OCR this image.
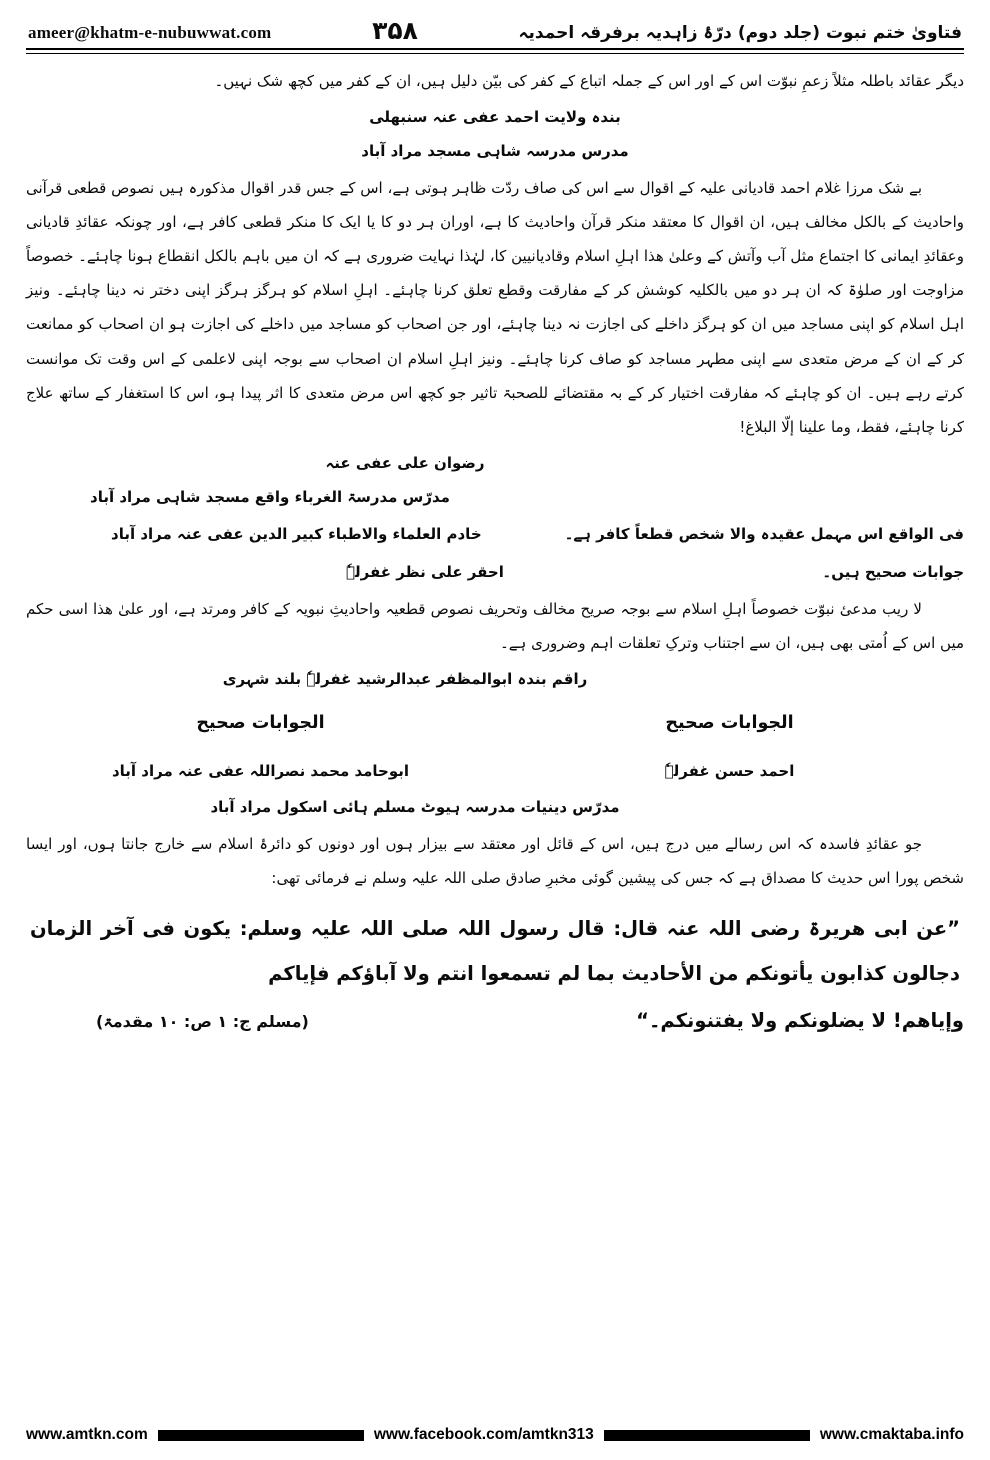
ameer@khatm-e-nubuwwat.com	۳۵۸	فتاویٰ ختم نبوت (جلد دوم) درّۂ زاہدیہ برفرقہ احمدیہ

دیگر عقائد باطلہ مثلاً زعمِ نبوّت اس کے اور اس کے جملہ اتباع کے کفر کی بیّن دلیل ہیں، ان کے کفر میں کچھ شک نہیں۔

بندہ ولایت احمد عفی عنہ سنبھلی
مدرس مدرسہ شاہی مسجد مراد آباد

بے شک مرزا غلام احمد قادیانی علیہ کے اقوال سے اس کی صاف ردّت ظاہر ہوتی ہے، اس کے جس قدر اقوال مذکورہ ہیں نصوص قطعی قرآنی واحادیث کے بالکل مخالف ہیں، ان اقوال کا معتقد منکر قرآن واحادیث کا ہے، اوران ہر دو کا یا ایک کا منکر قطعی کافر ہے، اور چونکہ عقائدِ قادیانی وعقائدِ ایمانی کا اجتماع مثل آب وآتش کے وعلیٰ ھذا اہلِ اسلام وقادیانیین کا، لہٰذا نہایت ضروری ہے کہ ان میں باہم بالکل انقطاع ہونا چاہئے۔ خصوصاً مزاوجت اور صلوٰۃ کہ ان ہر دو میں بالکلیہ کوشش کر کے مفارقت وقطع تعلق کرنا چاہئے۔ اہلِ اسلام کو ہرگز ہرگز اپنی دختر نہ دینا چاہئے۔ ونیز اہل اسلام کو اپنی مساجد میں ان کو ہرگز داخلے کی اجازت نہ دینا چاہئے، اور جن اصحاب کو مساجد میں داخلے کی اجازت ہو ان اصحاب کو ممانعت کر کے ان کے مرض متعدی سے اپنی مطہر مساجد کو صاف کرنا چاہئے۔ ونیز اہلِ اسلام ان اصحاب سے بوجہ اپنی لاعلمی کے اس وقت تک موانست کرتے رہے ہیں۔ ان کو چاہئے کہ مفارقت اختیار کر کے بہ مقتضائے للصحبۃ تاثیر جو کچھ اس مرض متعدی کا اثر پیدا ہو، اس کا استغفار کے ساتھ علاج کرنا چاہئے، فقط، وما علینا إلّا البلاغ!

رضوان علی عفی عنہ
مدرّس مدرسۃ الغرباء واقع مسجد شاہی مراد آباد
فی الواقع اس مہمل عقیدہ والا شخص قطعاً کافر ہے۔
خادم العلماء والاطباء کبیر الدین عفی عنہ مراد آباد
جوابات صحیح ہیں۔
احقر علی نظر غفرلہٗ

لا ریب مدعیٔ نبوّت خصوصاً اہلِ اسلام سے بوجہ صریح مخالف وتحریف نصوص قطعیہ واحادیثِ نبویہ کے کافر ومرتد ہے، اور علیٰ ھذا اسی حکم میں اس کے اُمتی بھی ہیں، ان سے اجتناب وترکِ تعلقات اہم وضروری ہے۔

راقم بندہ ابوالمظفر عبدالرشید غفرلہٗ بلند شہری
الجوابات صحیح
احمد حسن غفرلہٗ
الجوابات صحیح
ابوحامد محمد نصراللہ عفی عنہ مراد آباد
مدرّس دینیات مدرسہ ہیوٹ مسلم ہائی اسکول مراد آباد

جو عقائدِ فاسدہ کہ اس رسالے میں درج ہیں، اس کے قائل اور معتقد سے بیزار ہوں اور دونوں کو دائرۂ اسلام سے خارج جانتا ہوں، اور ایسا شخص پورا اس حدیث کا مصداق ہے کہ جس کی پیشین گوئی مخبرِ صادق صلی اللہ علیہ وسلم نے فرمائی تھی:

”عن ابی ھریرۃ رضی اللہ عنہ قال: قال رسول اللہ صلی اللہ علیہ وسلم: یکون فی آخر الزمان دجالون کذابون یأتونکم من الأحادیث بما لم تسمعوا انتم ولا آباؤکم فإیاکم

وإیاھم! لا یضلونکم ولا یفتنونکم۔“
(مسلم ج: ۱ ص: ۱۰ مقدمۃ)
www.amtkn.com	www.facebook.com/amtkn313	www.cmaktaba.info
